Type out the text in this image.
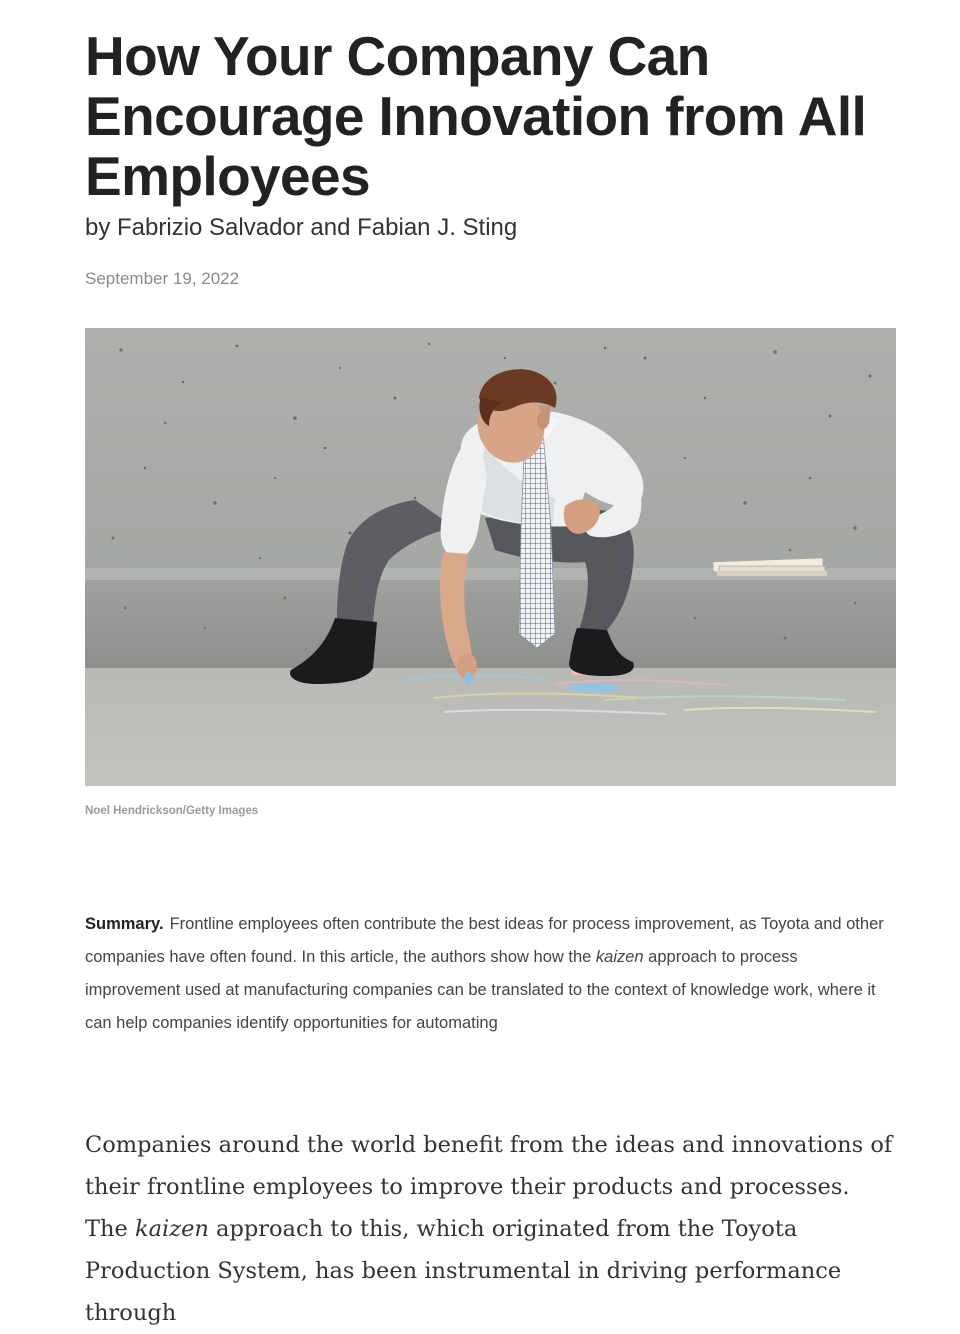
How Your Company Can Encourage Innovation from All Employees
by Fabrizio Salvador and Fabian J. Sting
September 19, 2022
Noel Hendrickson/Getty Images

Summary. Frontline employees often contribute the best ideas for process improvement, as Toyota and other companies have often found. In this article, the authors show how the kaizen approach to process improvement used at manufacturing companies can be translated to the context of knowledge work, where it can help companies identify opportunities for automating

Companies around the world benefit from the ideas and innovations of their frontline employees to improve their products and processes. The kaizen approach to this, which originated from the Toyota Production System, has been instrumental in driving performance through
